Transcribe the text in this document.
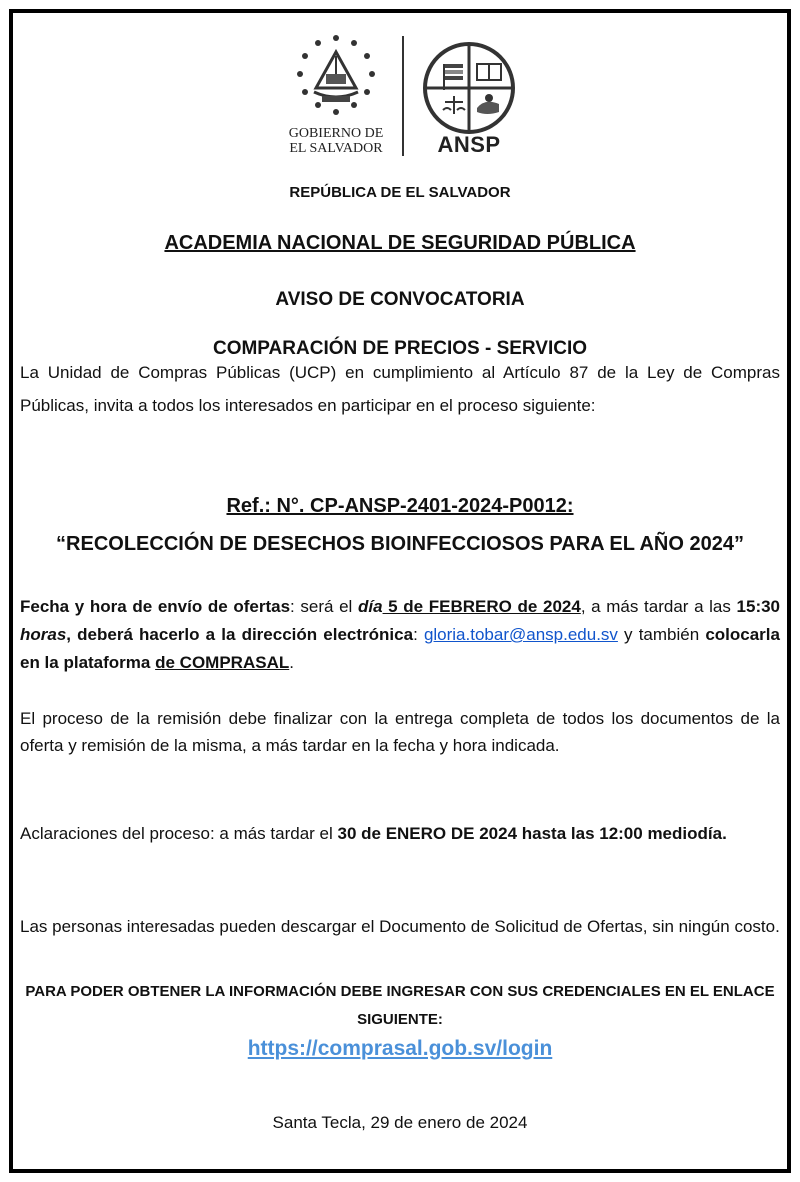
GOBIERNO DE
EL SALVADOR	ANSP
REPÚBLICA DE EL SALVADOR
ACADEMIA NACIONAL DE SEGURIDAD PÚBLICA
AVISO DE CONVOCATORIA
COMPARACIÓN DE PRECIOS - SERVICIO

La Unidad de Compras Públicas (UCP) en cumplimiento al Artículo 87 de la Ley de Compras Públicas, invita a todos los interesados en participar en el proceso siguiente:

Ref.: N°. CP-ANSP-2401-2024-P0012:
“RECOLECCIÓN DE DESECHOS BIOINFECCIOSOS PARA EL AÑO 2024”

Fecha y hora de envío de ofertas: será el día 5 de FEBRERO de 2024, a más tardar a las 15:30 horas, deberá hacerlo a la dirección electrónica: gloria.tobar@ansp.edu.sv y también colocarla en la plataforma de COMPRASAL.

El proceso de la remisión debe finalizar con la entrega completa de todos los documentos de la oferta y remisión de la misma, a más tardar en la fecha y hora indicada.

Aclaraciones del proceso: a más tardar el 30 de ENERO DE 2024 hasta las 12:00 mediodía.

Las personas interesadas pueden descargar el Documento de Solicitud de Ofertas, sin ningún costo.

PARA PODER OBTENER LA INFORMACIÓN DEBE INGRESAR CON SUS CREDENCIALES EN EL ENLACE SIGUIENTE:
https://comprasal.gob.sv/login
Santa Tecla, 29 de enero de 2024
